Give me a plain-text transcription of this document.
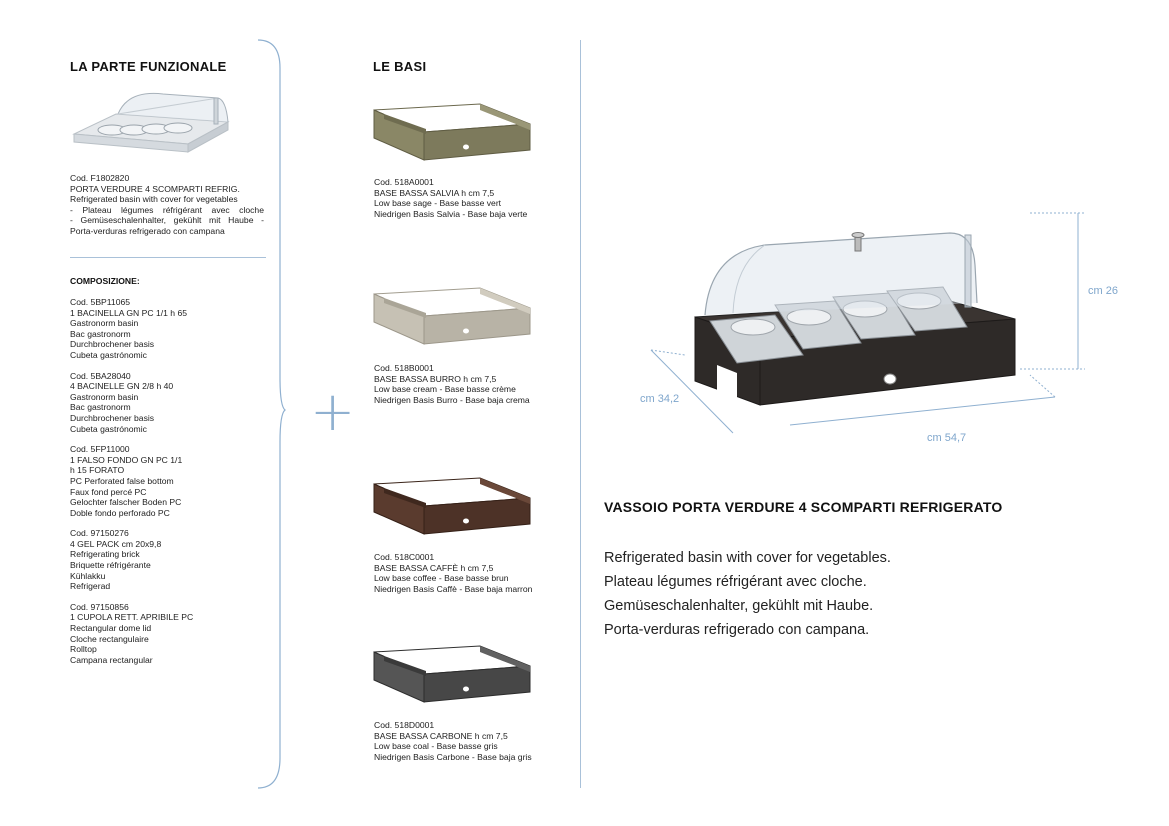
LA PARTE FUNZIONALE
Cod. F1802820
PORTA VERDURE 4 SCOMPARTI REFRIG.
Refrigerated basin with cover for vegetables
- Plateau légumes réfrigérant avec cloche
- Gemüseschalenhalter, gekühlt mit Haube -
Porta-verduras refrigerado con campana
COMPOSIZIONE:
Cod. 5BP11065
1 BACINELLA GN PC 1/1 h 65
Gastronorm basin
Bac gastronorm
Durchbrochener basis
Cubeta gastrónomic
Cod. 5BA28040
4 BACINELLE GN 2/8 h 40
Gastronorm basin
Bac gastronorm
Durchbrochener basis
Cubeta gastrónomic
Cod. 5FP11000
1 FALSO FONDO GN PC 1/1
h 15 FORATO
PC Perforated false bottom
Faux fond percé PC
Gelochter falscher Boden PC
Doble fondo perforado PC
Cod. 97150276
4 GEL PACK cm 20x9,8
Refrigerating brick
Briquette réfrigérante
Kühlakku
Refrigerad
Cod. 97150856
1 CUPOLA RETT. APRIBILE PC
Rectangular dome lid
Cloche rectangulaire
Rolltop
Campana rectangular
+
LE BASI
Cod. 518A0001
BASE BASSA SALVIA h cm 7,5
Low base sage - Base basse vert
Niedrigen Basis Salvia - Base baja verte
Cod. 518B0001
BASE BASSA BURRO h cm 7,5
Low base cream - Base basse crème
Niedrigen Basis Burro - Base baja crema
Cod. 518C0001
BASE BASSA CAFFÈ h cm 7,5
Low base coffee - Base basse brun
Niedrigen Basis Caffè - Base baja marron
Cod. 518D0001
BASE BASSA CARBONE h cm 7,5
Low base coal - Base basse gris
Niedrigen Basis Carbone - Base baja gris
cm 26
cm 34,2
cm 54,7
VASSOIO PORTA VERDURE 4 SCOMPARTI REFRIGERATO
Refrigerated basin with cover for vegetables.
Plateau légumes réfrigérant avec cloche.
Gemüseschalenhalter, gekühlt mit Haube.
Porta-verduras refrigerado con campana.
